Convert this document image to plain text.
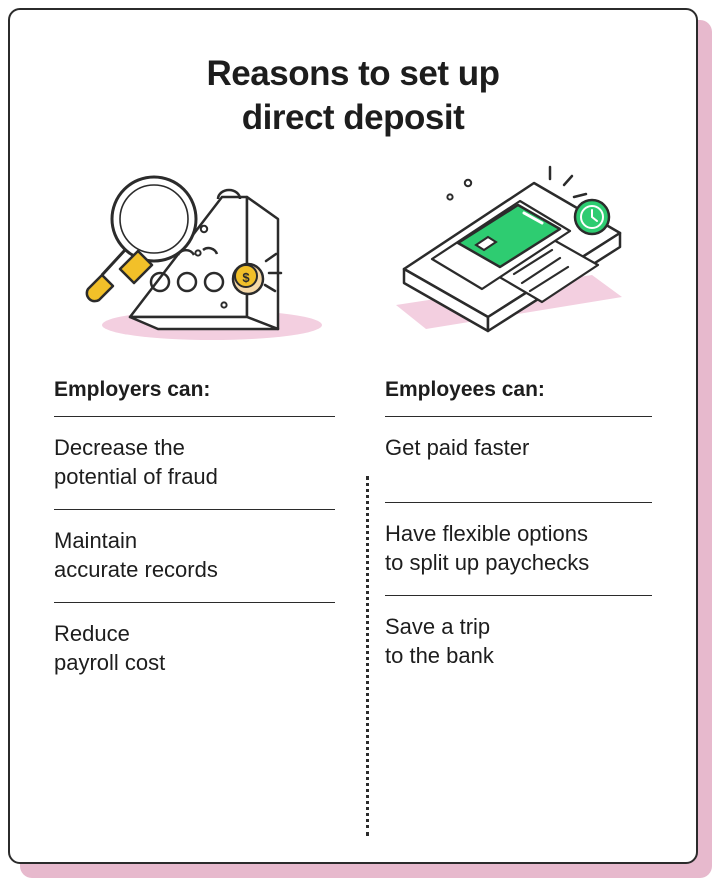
Reasons to set up
direct deposit
$
Employers can:
Decrease the
potential of fraud
Maintain
accurate records
Reduce
payroll cost
Employees can:
Get paid faster
Have flexible options
to split up paychecks
Save a trip
to the bank
